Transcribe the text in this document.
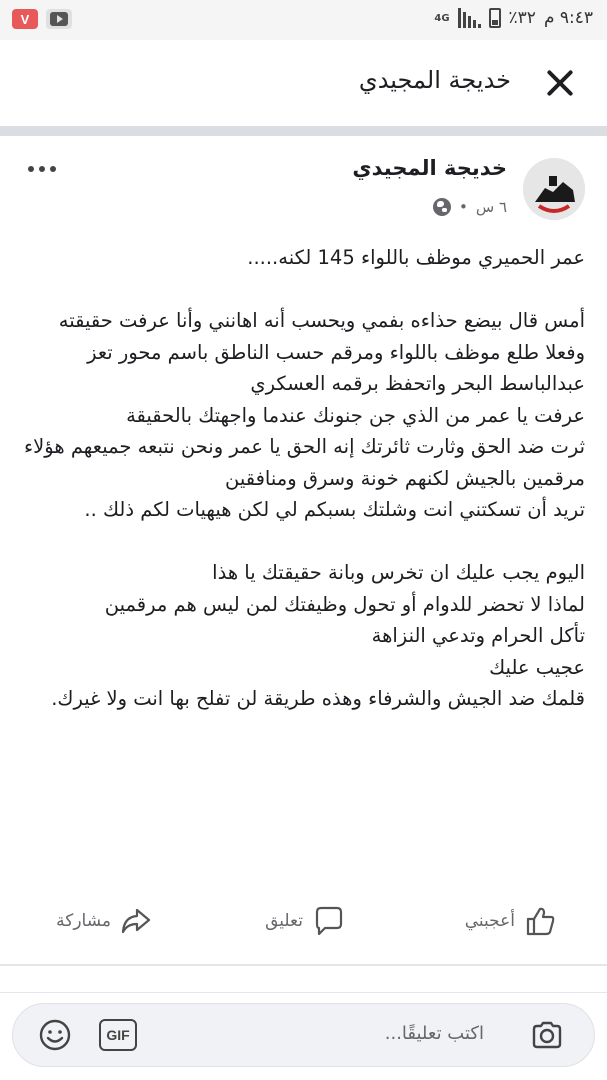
V	٩:٤٣ م
٣٢٪
4G
خديجة المجيدي
خديجة المجيدي
٦ س
•
عمر الحميري موظف باللواء 145 لكنه.....

أمس قال بيضع حذاءه بفمي ويحسب أنه اهانني وأنا عرفت حقيقته وفعلا طلع موظف باللواء ومرقم حسب الناطق باسم محور تعز عبدالباسط البحر واتحفظ برقمه العسكري
عرفت يا عمر من الذي جن جنونك عندما واجهتك بالحقيقة
ثرت ضد الحق وثارت ثائرتك إنه الحق يا عمر ونحن نتبعه جميعهم هؤلاء مرقمين بالجيش لكنهم خونة وسرق ومنافقين
تريد أن تسكتني انت وشلتك بسبكم لي لكن هيهيات لكم ذلك ..

اليوم يجب عليك ان تخرس وبانة حقيقتك يا هذا
لماذا لا تحضر للدوام أو تحول وظيفتك لمن ليس هم مرقمين
تأكل الحرام وتدعي النزاهة
عجيب عليك
قلمك ضد الجيش والشرفاء وهذه طريقة لن تفلح بها انت ولا غيرك.
أعجبني
تعليق
مشاركة
اكتب تعليقًا...
GIF
